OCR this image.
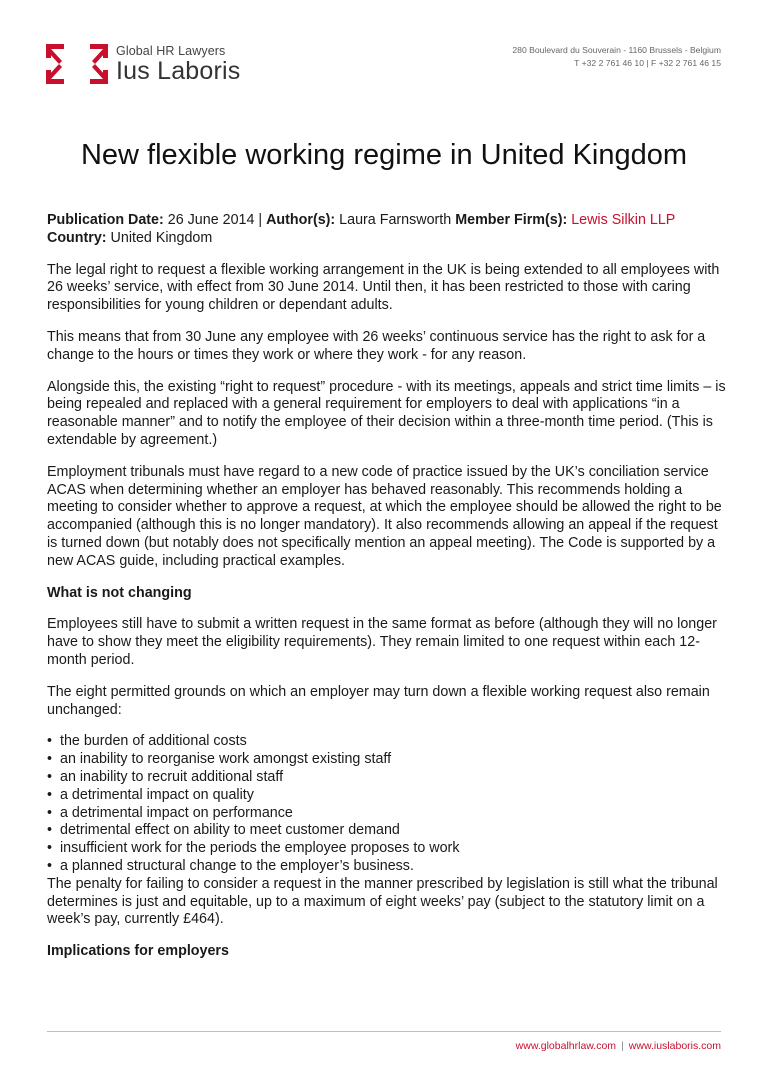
Global HR Lawyers
Ius Laboris
280 Boulevard du Souverain - 1160 Brussels - Belgium
T +32 2 761 46 10 | F +32 2 761 46 15
New flexible working regime in United Kingdom

Publication Date: 26 June 2014 | Author(s): Laura Farnsworth Member Firm(s): Lewis Silkin LLP Country: United Kingdom

The legal right to request a flexible working arrangement in the UK is being extended to all employees with 26 weeks’ service, with effect from 30 June 2014. Until then, it has been restricted to those with caring responsibilities for young children or dependant adults.

This means that from 30 June any employee with 26 weeks’ continuous service has the right to ask for a change to the hours or times they work or where they work - for any reason.

Alongside this, the existing “right to request” procedure - with its meetings, appeals and strict time limits – is being repealed and replaced with a general requirement for employers to deal with applications “in a reasonable manner” and to notify the employee of their decision within a three-month time period. (This is extendable by agreement.)

Employment tribunals must have regard to a new code of practice issued by the UK’s conciliation service ACAS when determining whether an employer has behaved reasonably. This recommends holding a meeting to consider whether to approve a request, at which the employee should be allowed the right to be accompanied (although this is no longer mandatory). It also recommends allowing an appeal if the request is turned down (but notably does not specifically mention an appeal meeting). The Code is supported by a new ACAS guide, including practical examples.

What is not changing

Employees still have to submit a written request in the same format as before (although they will no longer have to show they meet the eligibility requirements). They remain limited to one request within each 12-month period.

The eight permitted grounds on which an employer may turn down a flexible working request also remain unchanged:

• the burden of additional costs
• an inability to reorganise work amongst existing staff
• an inability to recruit additional staff
• a detrimental impact on quality
• a detrimental impact on performance
• detrimental effect on ability to meet customer demand
• insufficient work for the periods the employee proposes to work
• a planned structural change to the employer’s business.

The penalty for failing to consider a request in the manner prescribed by legislation is still what the tribunal determines is just and equitable, up to a maximum of eight weeks’ pay (subject to the statutory limit on a week’s pay, currently £464).

Implications for employers

www.globalhrlaw.com | www.iuslaboris.com
